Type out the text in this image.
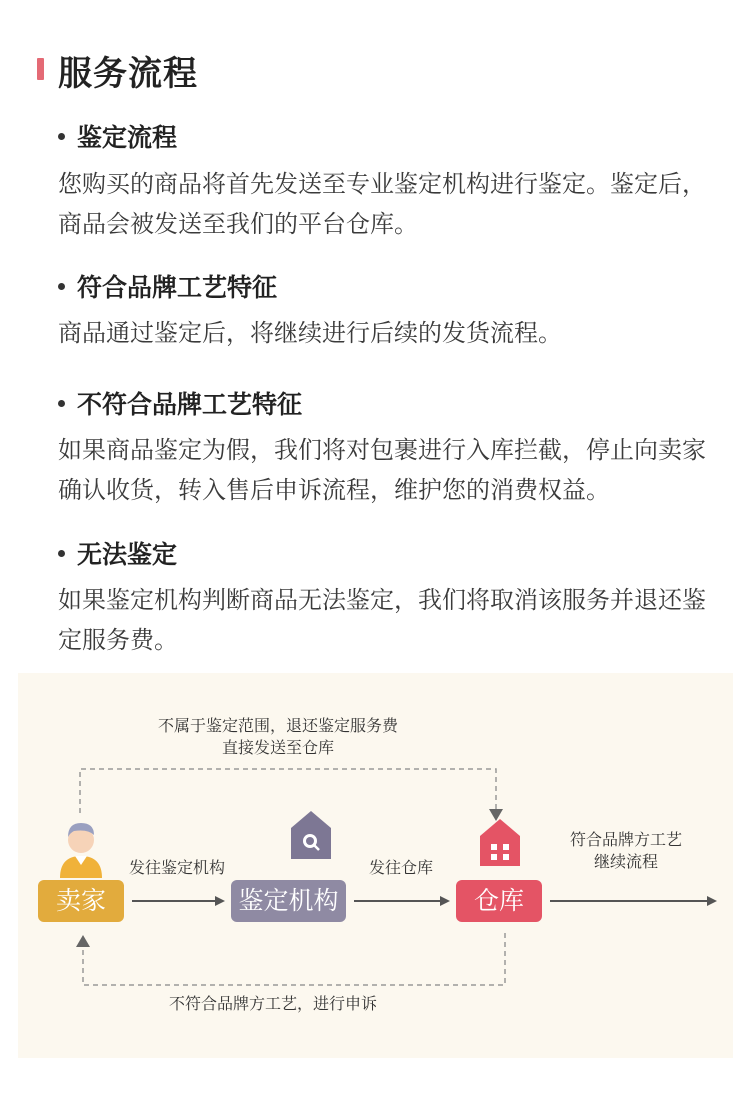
服务流程
鉴定流程
您购买的商品将首先发送至专业鉴定机构进行鉴定。鉴定后，商品会被发送至我们的平台仓库。
符合品牌工艺特征
商品通过鉴定后，将继续进行后续的发货流程。
不符合品牌工艺特征
如果商品鉴定为假，我们将对包裹进行入库拦截，停止向卖家确认收货，转入售后申诉流程，维护您的消费权益。
无法鉴定
如果鉴定机构判断商品无法鉴定，我们将取消该服务并退还鉴定服务费。
不属于鉴定范围，退还鉴定服务费
直接发送至仓库
发往鉴定机构	发往仓库
符合品牌方工艺
继续流程
不符合品牌方工艺，进行申诉
卖家	鉴定机构	仓库
